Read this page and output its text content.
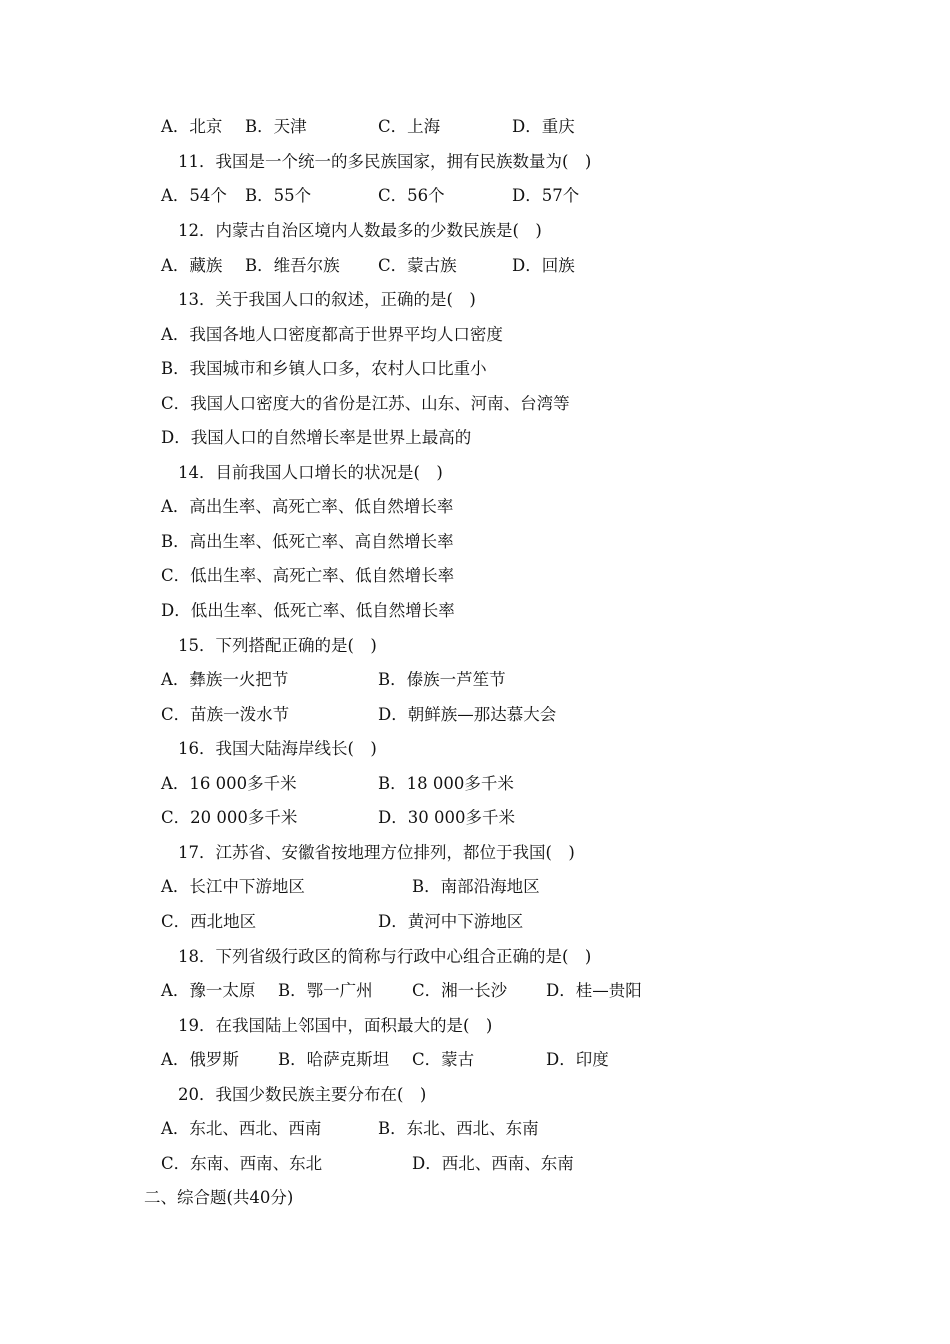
A．北京 B．天津	C．上海	D．重庆
11．我国是一个统一的多民族国家，拥有民族数量为(　)
A．54个 B．55个	C．56个	D．57个
12．内蒙古自治区境内人数最多的少数民族是(　)
A．藏族 B．维吾尔族 C．蒙古族	D．回族
13．关于我国人口的叙述，正确的是(　)
A．我国各地人口密度都高于世界平均人口密度
B．我国城市和乡镇人口多，农村人口比重小
C．我国人口密度大的省份是江苏、山东、河南、台湾等
D．我国人口的自然增长率是世界上最高的
14．目前我国人口增长的状况是(　)
A．高出生率、高死亡率、低自然增长率
B．高出生率、低死亡率、高自然增长率
C．低出生率、高死亡率、低自然增长率
D．低出生率、低死亡率、低自然增长率
15．下列搭配正确的是(　)
A．彝族一火把节	B．傣族一芦笙节
C．苗族一泼水节	D．朝鲜族—那达慕大会
16．我国大陆海岸线长(　)
A．16 000多千米	B．18 000多千米
C．20 000多千米	D．30 000多千米
17．江苏省、安徽省按地理方位排列，都位于我国(　)
A．长江中下游地区	B．南部沿海地区
C．西北地区	D．黄河中下游地区
18．下列省级行政区的简称与行政中心组合正确的是(　)
A．豫一太原 B．鄂一广州 C．湘一长沙 D．桂—贵阳
19．在我国陆上邻国中，面积最大的是(　)
A．俄罗斯 B．哈萨克斯坦 C．蒙古	D．印度
20．我国少数民族主要分布在(　)
A．东北、西北、西南	B．东北、西北、东南
C．东南、西南、东北	D．西北、西南、东南
二、综合题(共40分)
